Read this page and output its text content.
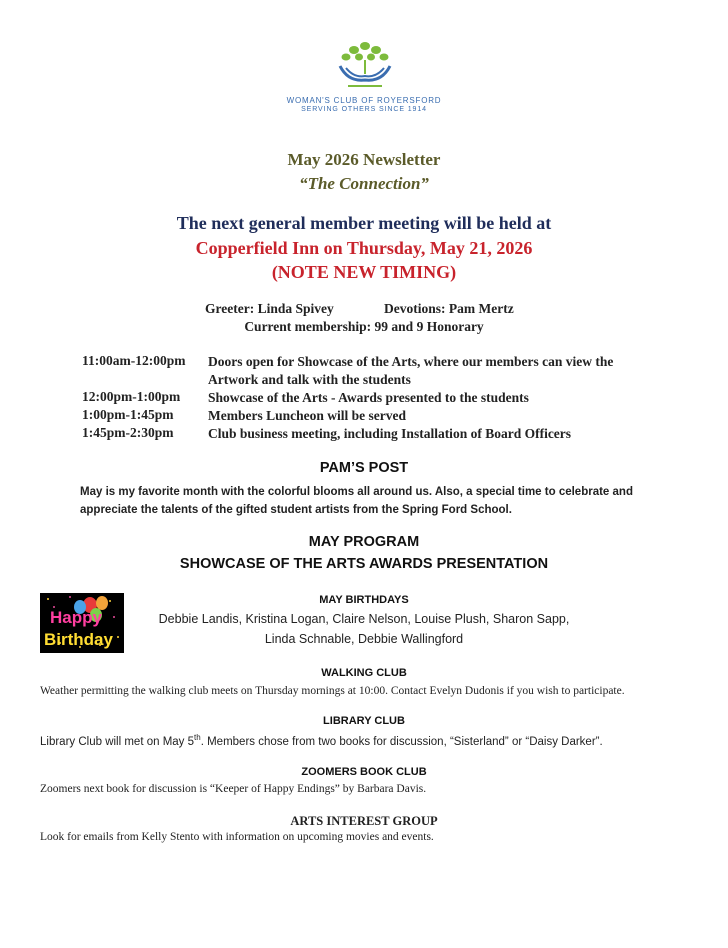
WOMAN'S CLUB OF ROYERSFORD
SERVING OTHERS SINCE 1914
May 2026 Newsletter
“The Connection”
The next general member meeting will be held at
Copperfield Inn on Thursday, May 21, 2026
(NOTE NEW TIMING)
Greeter: Linda Spivey	Devotions: Pam Mertz
Current membership: 99 and 9 Honorary
11:00am-12:00pm Doors open for Showcase of the Arts, where our members can view the Artwork and talk with the students
12:00pm-1:00pm Showcase of the Arts - Awards presented to the students
1:00pm-1:45pm	Members Luncheon will be served
1:45pm-2:30pm	Club business meeting, including Installation of Board Officers
PAM’S POST
May is my favorite month with the colorful blooms all around us. Also, a special time to celebrate and appreciate the talents of the gifted student artists from the Spring Ford School.
MAY PROGRAM
SHOWCASE OF THE ARTS AWARDS PRESENTATION
Happy
Birthday
MAY BIRTHDAYS
Debbie Landis, Kristina Logan, Claire Nelson, Louise Plush, Sharon Sapp,
Linda Schnable, Debbie Wallingford
WALKING CLUB
Weather permitting the walking club meets on Thursday mornings at 10:00. Contact Evelyn Dudonis if you wish to participate.
LIBRARY CLUB
Library Club will met on May 5th. Members chose from two books for discussion, “Sisterland” or “Daisy Darker”.
ZOOMERS BOOK CLUB
Zoomers next book for discussion is “Keeper of Happy Endings” by Barbara Davis.
ARTS INTEREST GROUP
Look for emails from Kelly Stento with information on upcoming movies and events.
